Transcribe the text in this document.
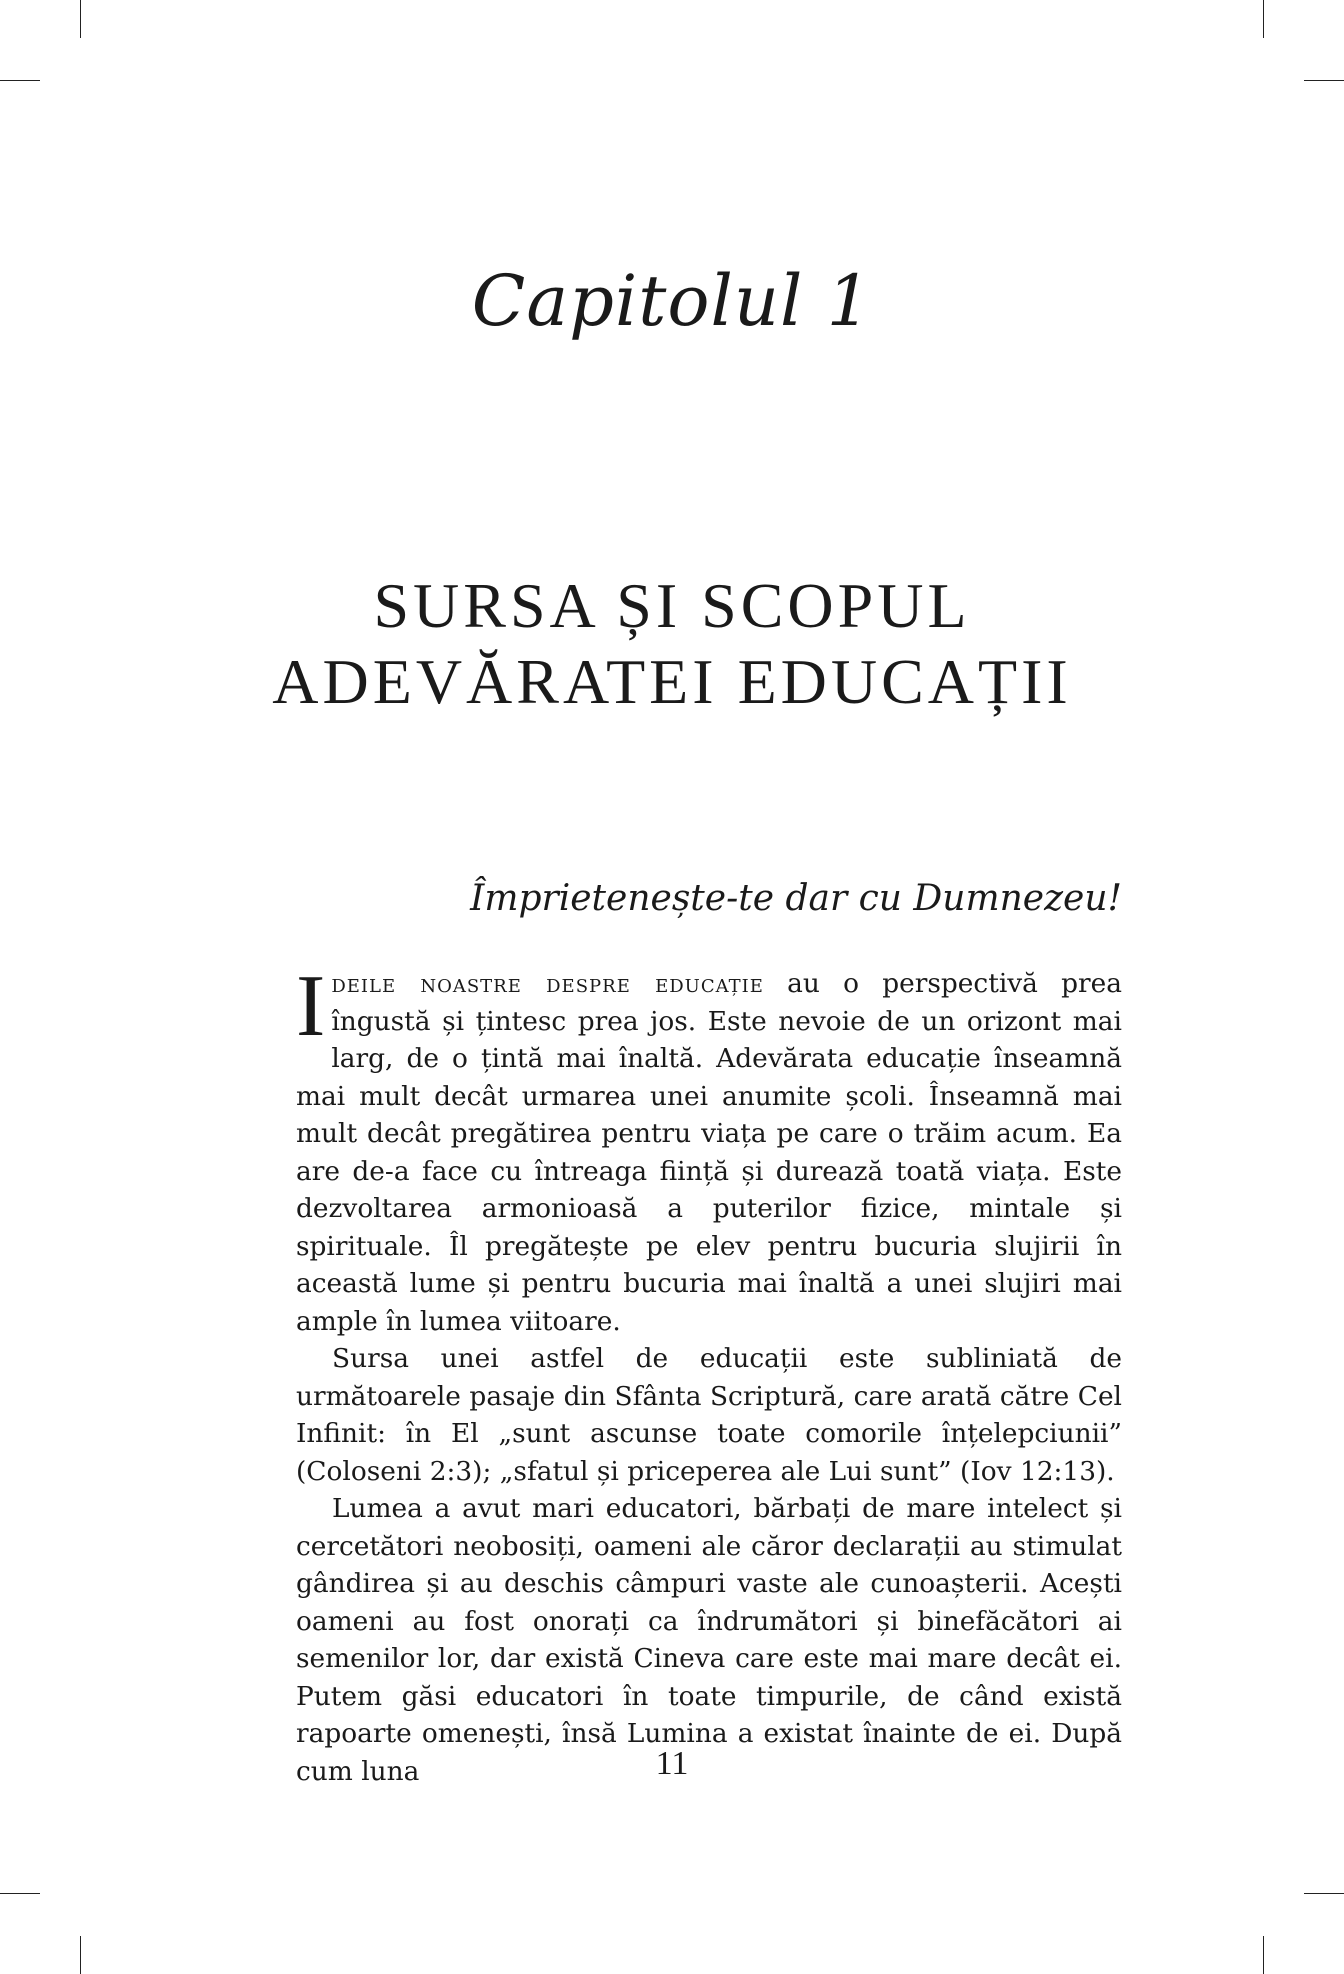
Capitolul 1
SURSA ȘI SCOPUL
ADEVĂRATEI EDUCAȚII
Împrietenește-te dar cu Dumnezeu!

Ideile noastre despre educație au o perspectivă prea îngustă și țintesc prea jos. Este nevoie de un orizont mai larg, de o țintă mai înaltă. Adevărata educație înseamnă mai mult decât urmarea unei anumite școli. Înseamnă mai mult decât pregătirea pentru viața pe care o trăim acum. Ea are de-a face cu întreaga ființă și durează toată viața. Este dezvoltarea armonioasă a puterilor fizice, mintale și spirituale. Îl pregătește pe elev pentru bucuria slujirii în această lume și pentru bucuria mai înaltă a unei slujiri mai ample în lumea viitoare.

Sursa unei astfel de educații este subliniată de următoarele pasaje din Sfânta Scriptură, care arată către Cel Infinit: în El „sunt ascunse toate comorile înțelepciunii” (Coloseni 2:3); „sfatul și priceperea ale Lui sunt” (Iov 12:13).

Lumea a avut mari educatori, bărbați de mare intelect și cercetători neobosiți, oameni ale căror declarații au stimulat gândirea și au deschis câmpuri vaste ale cunoașterii. Acești oameni au fost onorați ca îndrumători și binefăcători ai semenilor lor, dar există Cineva care este mai mare decât ei. Putem găsi educatori în toate timpurile, de când există rapoarte omenești, însă Lumina a existat înainte de ei. După cum luna	11
